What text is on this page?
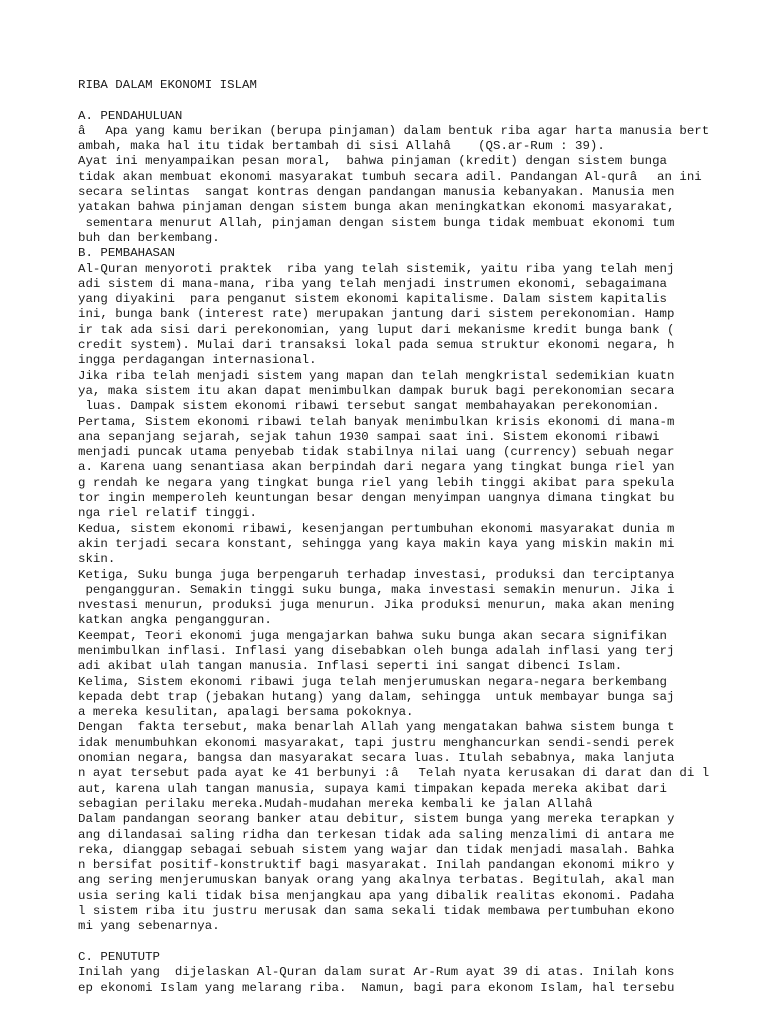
RIBA DALAM EKONOMI ISLAM
A. PENDAHULUAN
âApa yang kamu berikan (berupa pinjaman) dalam bentuk riba agar harta manusia bert
ambah, maka hal itu tidak bertambah di sisi Allahâ (QS.ar-Rum : 39).
Ayat ini menyampaikan pesan moral,  bahwa pinjaman (kredit) dengan sistem bunga
tidak akan membuat ekonomi masyarakat tumbuh secara adil. Pandangan Al-qurâan ini
secara selintas  sangat kontras dengan pandangan manusia kebanyakan. Manusia men
yatakan bahwa pinjaman dengan sistem bunga akan meningkatkan ekonomi masyarakat,
sementara menurut Allah, pinjaman dengan sistem bunga tidak membuat ekonomi tum
buh dan berkembang.
B. PEMBAHASAN
Al-Quran menyoroti praktek  riba yang telah sistemik, yaitu riba yang telah menj
adi sistem di mana-mana, riba yang telah menjadi instrumen ekonomi, sebagaimana
yang diyakini  para penganut sistem ekonomi kapitalisme. Dalam sistem kapitalis
ini, bunga bank (interest rate) merupakan jantung dari sistem perekonomian. Hamp
ir tak ada sisi dari perekonomian, yang luput dari mekanisme kredit bunga bank (
credit system). Mulai dari transaksi lokal pada semua struktur ekonomi negara, h
ingga perdagangan internasional.
Jika riba telah menjadi sistem yang mapan dan telah mengkristal sedemikian kuatn
ya, maka sistem itu akan dapat menimbulkan dampak buruk bagi perekonomian secara
luas. Dampak sistem ekonomi ribawi tersebut sangat membahayakan perekonomian.
Pertama, Sistem ekonomi ribawi telah banyak menimbulkan krisis ekonomi di mana-m
ana sepanjang sejarah, sejak tahun 1930 sampai saat ini. Sistem ekonomi ribawi
menjadi puncak utama penyebab tidak stabilnya nilai uang (currency) sebuah negar
a. Karena uang senantiasa akan berpindah dari negara yang tingkat bunga riel yan
g rendah ke negara yang tingkat bunga riel yang lebih tinggi akibat para spekula
tor ingin memperoleh keuntungan besar dengan menyimpan uangnya dimana tingkat bu
nga riel relatif tinggi.
Kedua, sistem ekonomi ribawi, kesenjangan pertumbuhan ekonomi masyarakat dunia m
akin terjadi secara konstant, sehingga yang kaya makin kaya yang miskin makin mi
skin.
Ketiga, Suku bunga juga berpengaruh terhadap investasi, produksi dan terciptanya
pengangguran. Semakin tinggi suku bunga, maka investasi semakin menurun. Jika i
nvestasi menurun, produksi juga menurun. Jika produksi menurun, maka akan mening
katkan angka pengangguran.
Keempat, Teori ekonomi juga mengajarkan bahwa suku bunga akan secara signifikan
menimbulkan inflasi. Inflasi yang disebabkan oleh bunga adalah inflasi yang terj
adi akibat ulah tangan manusia. Inflasi seperti ini sangat dibenci Islam.
Kelima, Sistem ekonomi ribawi juga telah menjerumuskan negara-negara berkembang
kepada debt trap (jebakan hutang) yang dalam, sehingga  untuk membayar bunga saj
a mereka kesulitan, apalagi bersama pokoknya.
Dengan  fakta tersebut, maka benarlah Allah yang mengatakan bahwa sistem bunga t
idak menumbuhkan ekonomi masyarakat, tapi justru menghancurkan sendi-sendi perek
onomian negara, bangsa dan masyarakat secara luas. Itulah sebabnya, maka lanjuta
n ayat tersebut pada ayat ke 41 berbunyi :âTelah nyata kerusakan di darat dan di l
aut, karena ulah tangan manusia, supaya kami timpakan kepada mereka akibat dari
sebagian perilaku mereka.Mudah-mudahan mereka kembali ke jalan Allahâ
Dalam pandangan seorang banker atau debitur, sistem bunga yang mereka terapkan y
ang dilandasai saling ridha dan terkesan tidak ada saling menzalimi di antara me
reka, dianggap sebagai sebuah sistem yang wajar dan tidak menjadi masalah. Bahka
n bersifat positif-konstruktif bagi masyarakat. Inilah pandangan ekonomi mikro y
ang sering menjerumuskan banyak orang yang akalnya terbatas. Begitulah, akal man
usia sering kali tidak bisa menjangkau apa yang dibalik realitas ekonomi. Padaha
l sistem riba itu justru merusak dan sama sekali tidak membawa pertumbuhan ekono
mi yang sebenarnya.
C. PENUTUTP
Inilah yang  dijelaskan Al-Quran dalam surat Ar-Rum ayat 39 di atas. Inilah kons
ep ekonomi Islam yang melarang riba.  Namun, bagi para ekonom Islam, hal tersebu
